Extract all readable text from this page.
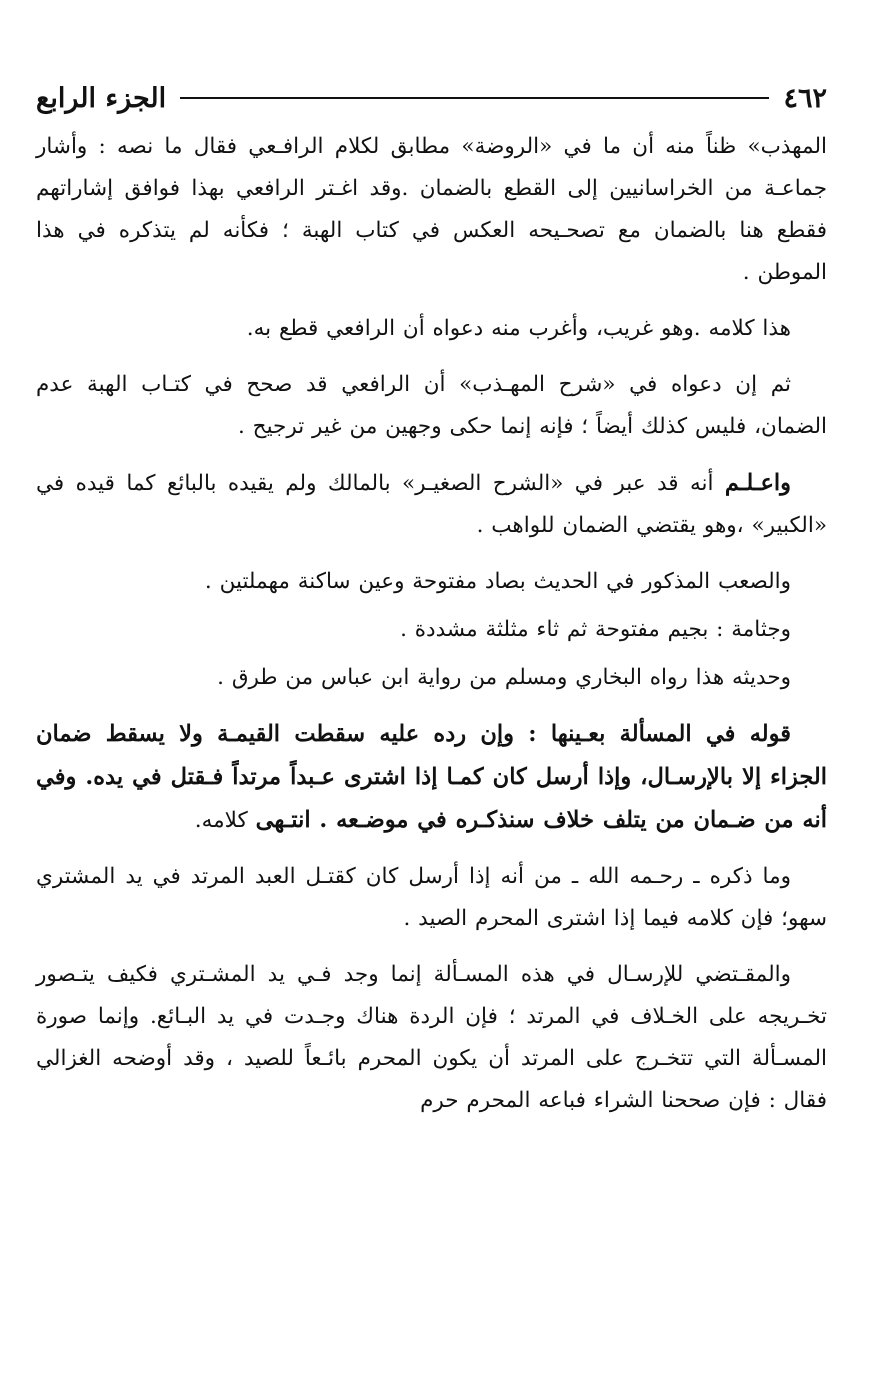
٤٦٢
الجزء الرابع

المهذب» ظناً منه أن ما في «الروضة» مطابق لكلام الرافـعي فقال ما نصه : وأشار جماعـة من الخراسانيين إلى القطع بالضمان .وقد اغـتر الرافعي بهذا فوافق إشاراتهم فقطع هنا بالضمان مع تصحـيحه العكس في كتاب الهبة ؛ فكأنه لم يتذكره في هذا الموطن .

هذا كلامه .وهو غريب، وأغرب منه دعواه أن الرافعي قطع به.

ثم إن دعواه في «شرح المهـذب» أن الرافعي قد صحح في كتـاب الهبة عدم الضمان، فليس كذلك أيضاً ؛ فإنه إنما حكى وجهين من غير ترجيح .

واعـلـم أنه قد عبر في «الشرح الصغيـر» بالمالك ولم يقيده بالبائع كما قيده في «الكبير» ،وهو يقتضي الضمان للواهب .

والصعب المذكور في الحديث بصاد مفتوحة وعين ساكنة مهملتين .

وجثامة : بجيم مفتوحة ثم ثاء مثلثة مشددة .

وحديثه هذا رواه البخاري ومسلم من رواية ابن عباس من طرق .

قوله في المسألة بعـينها : وإن رده عليه سقطت القيمـة ولا يسقط ضمان الجزاء إلا بالإرسـال، وإذا أرسل كان كمـا إذا اشترى عـبداً مرتداً فـقتل في يده. وفي أنه من ضـمان من يتلف خلاف سنذكـره في موضـعه . انتـهى كلامه.

وما ذكره ـ رحـمه الله ـ من أنه إذا أرسل كان كقتـل العبد المرتد في يد المشتري سهو؛ فإن كلامه فيما إذا اشترى المحرم الصيد .

والمقـتضي للإرسـال في هذه المسـألة إنما وجد فـي يد المشـتري فكيف يتـصور تخـريجه على الخـلاف في المرتد ؛ فإن الردة هناك وجـدت في يد البـائع. وإنما صورة المسـألة التي تتخـرج على المرتد أن يكون المحرم بائـعاً للصيد ، وقد أوضحه الغزالي فقال : فإن صححنا الشراء فباعه المحرم حرم
